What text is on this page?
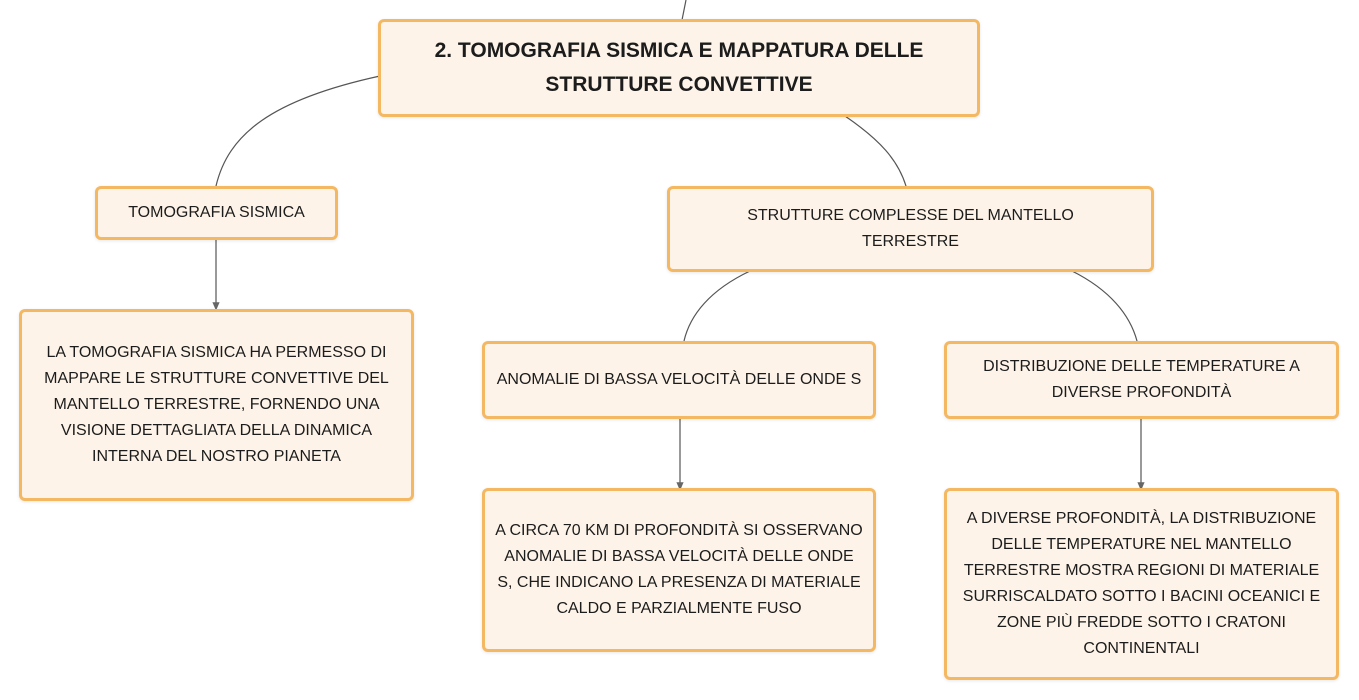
2. TOMOGRAFIA SISMICA E MAPPATURA DELLE STRUTTURE CONVETTIVE
TOMOGRAFIA SISMICA
LA TOMOGRAFIA SISMICA HA PERMESSO DI MAPPARE LE STRUTTURE CONVETTIVE DEL MANTELLO TERRESTRE, FORNENDO UNA VISIONE DETTAGLIATA DELLA DINAMICA INTERNA DEL NOSTRO PIANETA
STRUTTURE COMPLESSE DEL MANTELLO TERRESTRE
ANOMALIE DI BASSA VELOCITÀ DELLE ONDE S
A CIRCA 70 KM DI PROFONDITÀ SI OSSERVANO ANOMALIE DI BASSA VELOCITÀ DELLE ONDE S, CHE INDICANO LA PRESENZA DI MATERIALE CALDO E PARZIALMENTE FUSO
DISTRIBUZIONE DELLE TEMPERATURE A DIVERSE PROFONDITÀ
A DIVERSE PROFONDITÀ, LA DISTRIBUZIONE DELLE TEMPERATURE NEL MANTELLO TERRESTRE MOSTRA REGIONI DI MATERIALE SURRISCALDATO SOTTO I BACINI OCEANICI E ZONE PIÙ FREDDE SOTTO I CRATONI CONTINENTALI
